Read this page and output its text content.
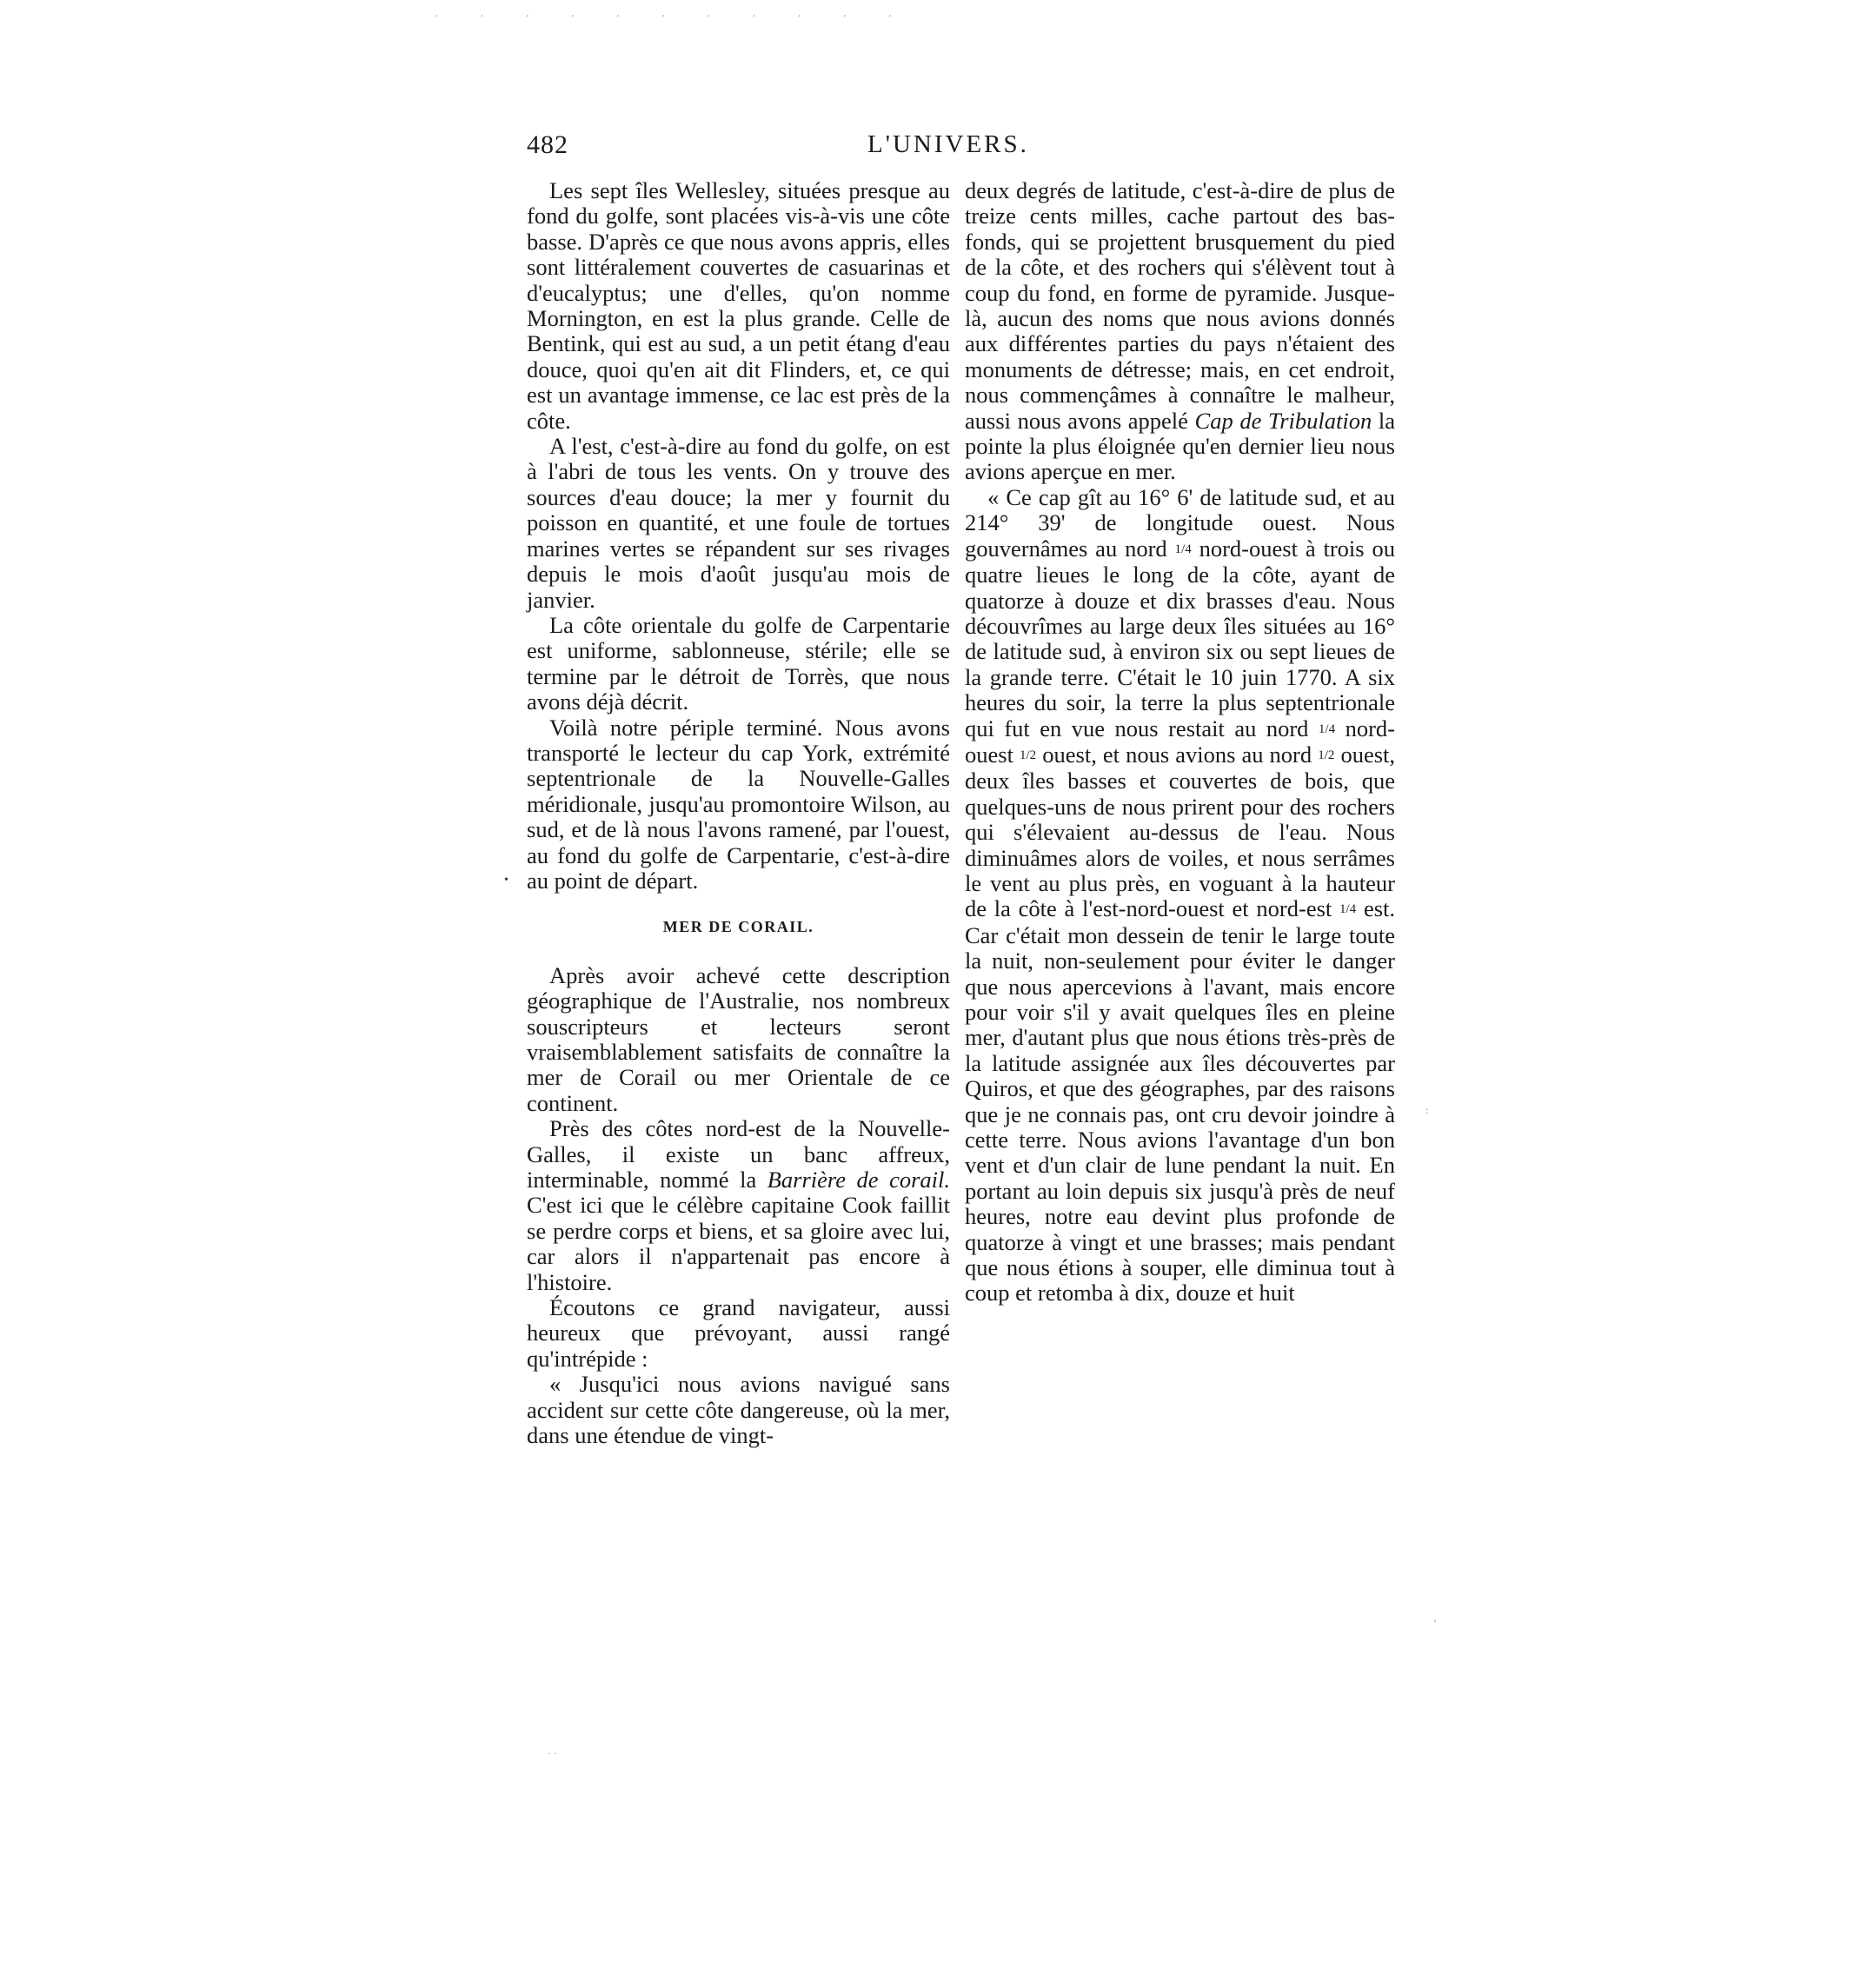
· · · · · · · · · · ·
482	L'UNIVERS.

Les sept îles Wellesley, situées presque au fond du golfe, sont placées vis-à-vis une côte basse. D'après ce que nous avons appris, elles sont littéralement couvertes de casuarinas et d'eucalyptus; une d'elles, qu'on nomme Mornington, en est la plus grande. Celle de Bentink, qui est au sud, a un petit étang d'eau douce, quoi qu'en ait dit Flinders, et, ce qui est un avantage immense, ce lac est près de la côte.

A l'est, c'est-à-dire au fond du golfe, on est à l'abri de tous les vents. On y trouve des sources d'eau douce; la mer y fournit du poisson en quantité, et une foule de tortues marines vertes se répandent sur ses rivages depuis le mois d'août jusqu'au mois de janvier.

La côte orientale du golfe de Carpentarie est uniforme, sablonneuse, stérile; elle se termine par le détroit de Torrès, que nous avons déjà décrit.

Voilà notre périple terminé. Nous avons transporté le lecteur du cap York, extrémité septentrionale de la Nouvelle-Galles méridionale, jusqu'au promontoire Wilson, au sud, et de là nous l'avons ramené, par l'ouest, au fond du golfe de Carpentarie, c'est-à-dire au point de départ.

MER DE CORAIL.

Après avoir achevé cette description géographique de l'Australie, nos nombreux souscripteurs et lecteurs seront vraisemblablement satisfaits de connaître la mer de Corail ou mer Orientale de ce continent.

Près des côtes nord-est de la Nouvelle-Galles, il existe un banc affreux, interminable, nommé la Barrière de corail. C'est ici que le célèbre capitaine Cook faillit se perdre corps et biens, et sa gloire avec lui, car alors il n'appartenait pas encore à l'histoire.

Écoutons ce grand navigateur, aussi heureux que prévoyant, aussi rangé qu'intrépide :

« Jusqu'ici nous avions navigué sans accident sur cette côte dangereuse, où la mer, dans une étendue de vingt-

deux degrés de latitude, c'est-à-dire de plus de treize cents milles, cache partout des bas-fonds, qui se projettent brusquement du pied de la côte, et des rochers qui s'élèvent tout à coup du fond, en forme de pyramide. Jusque-là, aucun des noms que nous avions donnés aux différentes parties du pays n'étaient des monuments de détresse; mais, en cet endroit, nous commençâmes à connaître le malheur, aussi nous avons appelé Cap de Tribulation la pointe la plus éloignée qu'en dernier lieu nous avions aperçue en mer.

« Ce cap gît au 16° 6' de latitude sud, et au 214° 39' de longitude ouest. Nous gouvernâmes au nord 1/4 nord-ouest à trois ou quatre lieues le long de la côte, ayant de quatorze à douze et dix brasses d'eau. Nous découvrîmes au large deux îles situées au 16° de latitude sud, à environ six ou sept lieues de la grande terre. C'était le 10 juin 1770. A six heures du soir, la terre la plus septentrionale qui fut en vue nous restait au nord 1/4 nord-ouest 1/2 ouest, et nous avions au nord 1/2 ouest, deux îles basses et couvertes de bois, que quelques-uns de nous prirent pour des rochers qui s'élevaient au-dessus de l'eau. Nous diminuâmes alors de voiles, et nous serrâmes le vent au plus près, en voguant à la hauteur de la côte à l'est-nord-ouest et nord-est 1/4 est. Car c'était mon dessein de tenir le large toute la nuit, non-seulement pour éviter le danger que nous apercevions à l'avant, mais encore pour voir s'il y avait quelques îles en pleine mer, d'autant plus que nous étions très-près de la latitude assignée aux îles découvertes par Quiros, et que des géographes, par des raisons que je ne connais pas, ont cru devoir joindre à cette terre. Nous avions l'avantage d'un bon vent et d'un clair de lune pendant la nuit. En portant au loin depuis six jusqu'à près de neuf heures, notre eau devint plus profonde de quatorze à vingt et une brasses; mais pendant que nous étions à souper, elle diminua tout à coup et retomba à dix, douze et huit

•
:
'
· ·
